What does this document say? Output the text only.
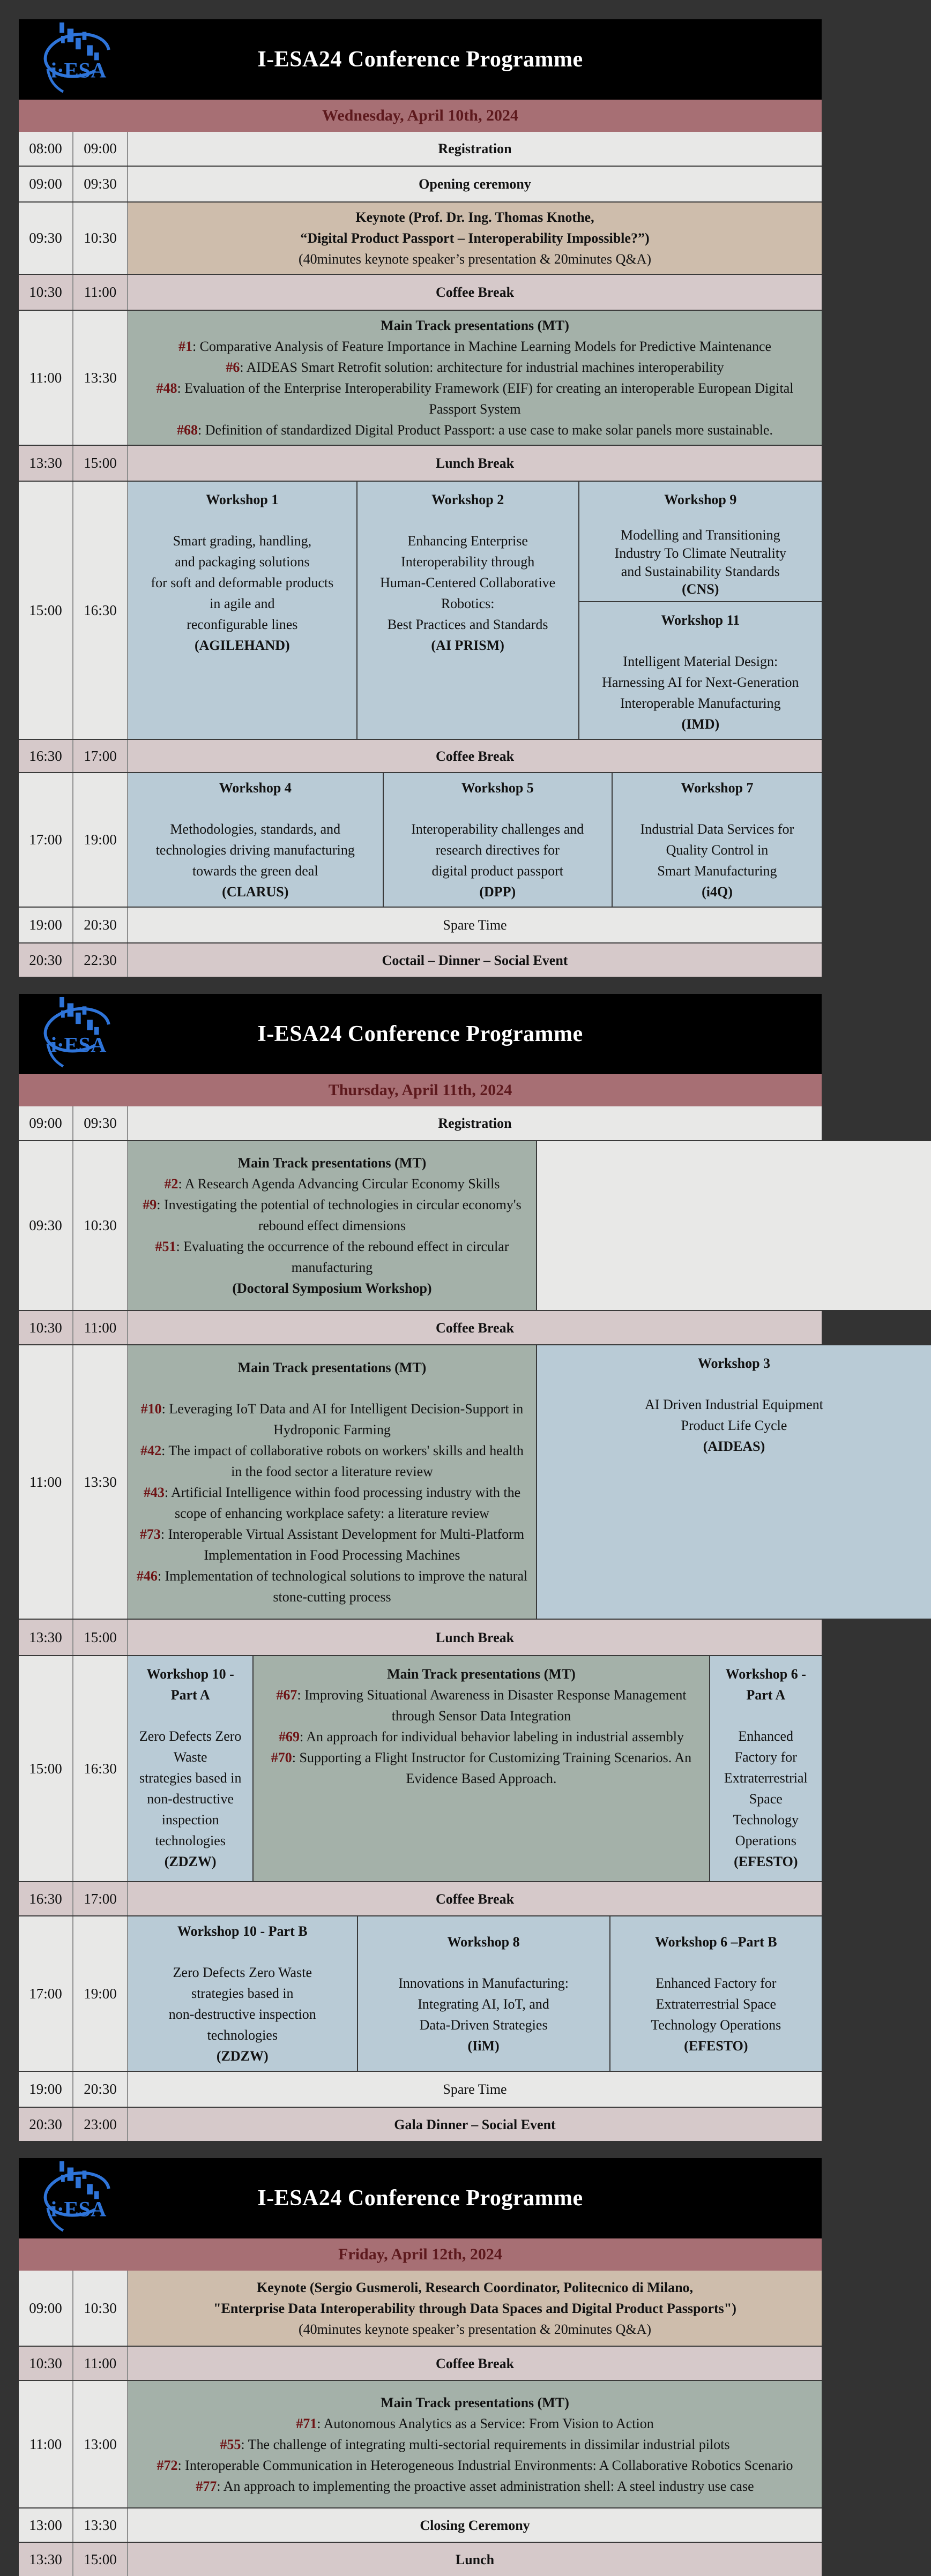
i·ESA	I-ESA24 Conference Programme
Wednesday, April 10th, 2024
08:00	09:00	Registration
09:00	09:30	Opening ceremony
09:30	10:30
Keynote (Prof. Dr. Ing. Thomas Knothe,
“Digital Product Passport – Interoperability Impossible?”)
(40minutes keynote speaker’s presentation & 20minutes Q&A)
10:30	11:00	Coffee Break
11:00	13:30
Main Track presentations (MT)
#1: Comparative Analysis of Feature Importance in Machine Learning Models for Predictive Maintenance
#6: AIDEAS Smart Retrofit solution: architecture for industrial machines interoperability
#48: Evaluation of the Enterprise Interoperability Framework (EIF) for creating an interoperable European Digital Passport System
#68: Definition of standardized Digital Product Passport: a use case to make solar panels more sustainable.
13:30	15:00	Lunch Break
15:00	16:30
Workshop 1
Smart grading, handling,
and packaging solutions
for soft and deformable products
in agile and
reconfigurable lines
(AGILEHAND)
Workshop 2
Enhancing Enterprise
Interoperability through
Human-Centered Collaborative
Robotics:
Best Practices and Standards
(AI PRISM)
Workshop 9
Modelling and Transitioning
Industry To Climate Neutrality
and Sustainability Standards
(CNS)
Workshop 11
Intelligent Material Design:
Harnessing AI for Next-Generation
Interoperable Manufacturing
(IMD)
16:30	17:00	Coffee Break
17:00	19:00
Workshop 4
Methodologies, standards, and
technologies driving manufacturing
towards the green deal
(CLARUS)
Workshop 5
Interoperability challenges and
research directives for
digital product passport
(DPP)
Workshop 7
Industrial Data Services for
Quality Control in
Smart Manufacturing
(i4Q)
19:00	20:30	Spare Time
20:30	22:30	Coctail – Dinner – Social Event
i·ESA	I-ESA24 Conference Programme
Thursday, April 11th, 2024
09:00	09:30	Registration
09:30	10:30
Main Track presentations (MT)
#2: A Research Agenda Advancing Circular Economy Skills
#9: Investigating the potential of technologies in circular economy's rebound effect dimensions
#51: Evaluating the occurrence of the rebound effect in circular manufacturing
(Doctoral Symposium Workshop)
10:30	11:00	Coffee Break
11:00	13:30
Main Track presentations (MT)
#10: Leveraging IoT Data and AI for Intelligent Decision-Support in Hydroponic Farming
#42: The impact of collaborative robots on workers' skills and health in the food sector a literature review
#43: Artificial Intelligence within food processing industry with the scope of enhancing workplace safety: a literature review
#73: Interoperable Virtual Assistant Development for Multi-Platform Implementation in Food Processing Machines
#46: Implementation of technological solutions to improve the natural stone-cutting process
Workshop 3
AI Driven Industrial Equipment
Product Life Cycle
(AIDEAS)
13:30	15:00	Lunch Break
15:00	16:30
Workshop 10 - Part A
Zero Defects Zero Waste
strategies based in
non-destructive inspection
technologies
(ZDZW)
Main Track presentations (MT)
#67: Improving Situational Awareness in Disaster Response Management through Sensor Data Integration
#69: An approach for individual behavior labeling in industrial assembly
#70: Supporting a Flight Instructor for Customizing Training Scenarios. An Evidence Based Approach.
Workshop 6 -Part A
Enhanced Factory for
Extraterrestrial Space
Technology Operations
(EFESTO)
16:30	17:00	Coffee Break
17:00	19:00
Workshop 10 - Part B
Zero Defects Zero Waste
strategies based in
non-destructive inspection
technologies
(ZDZW)
Workshop 8
Innovations in Manufacturing:
Integrating AI, IoT, and
Data-Driven Strategies
(IiM)
Workshop 6 –Part B
Enhanced Factory for
Extraterrestrial Space
Technology Operations
(EFESTO)
19:00	20:30	Spare Time
20:30	23:00	Gala Dinner – Social Event
i·ESA	I-ESA24 Conference Programme
Friday, April 12th, 2024
09:00	10:30
Keynote (Sergio Gusmeroli, Research Coordinator, Politecnico di Milano,
"Enterprise Data Interoperability through Data Spaces and Digital Product Passports")
(40minutes keynote speaker’s presentation & 20minutes Q&A)
10:30	11:00	Coffee Break
11:00	13:00
Main Track presentations (MT)
#71: Autonomous Analytics as a Service: From Vision to Action
#55: The challenge of integrating multi-sectorial requirements in dissimilar industrial pilots
#72: Interoperable Communication in Heterogeneous Industrial Environments: A Collaborative Robotics Scenario
#77: An approach to implementing the proactive asset administration shell: A steel industry use case
13:00	13:30	Closing Ceremony
13:30	15:00	Lunch
